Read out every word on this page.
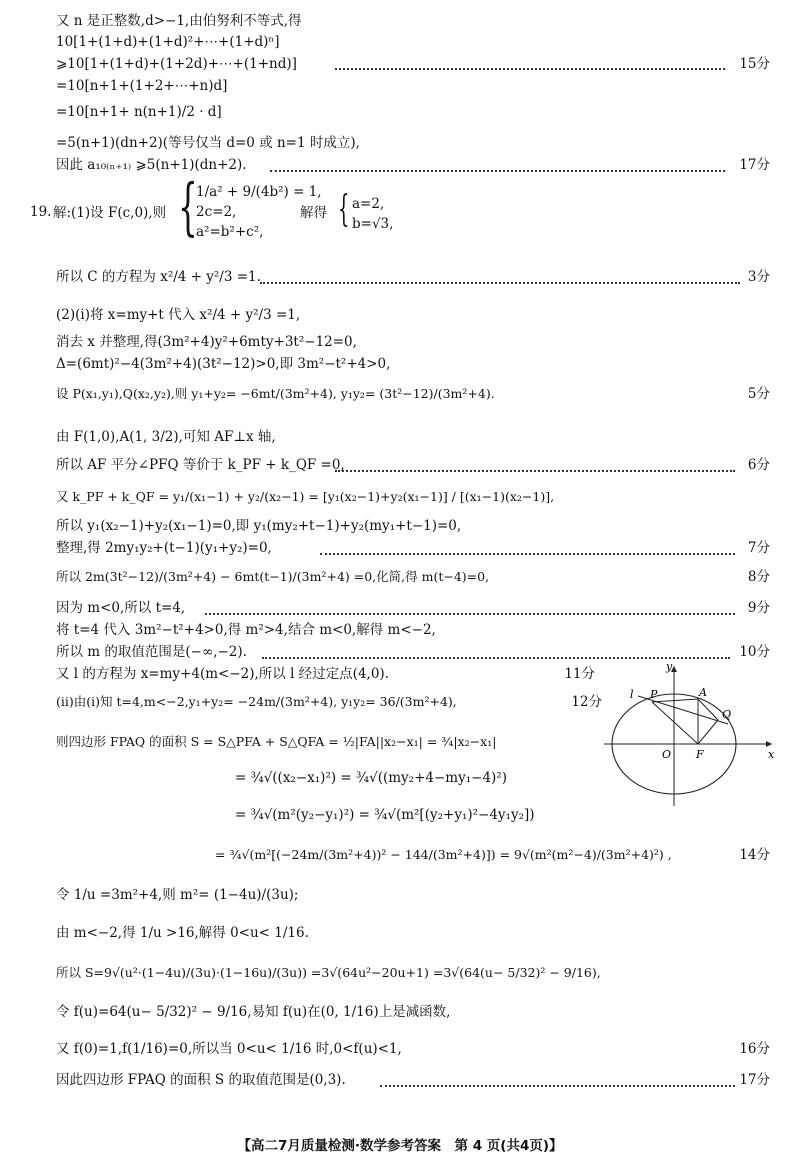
又 n 是正整数,d>−1,由伯努利不等式,得
10[1+(1+d)+(1+d)²+⋯+(1+d)ⁿ]
⩾10[1+(1+d)+(1+2d)+⋯+(1+nd)]	15分
=10[n+1+(1+2+⋯+n)d]
=10[n+1+ n(n+1)/2 · d]
=5(n+1)(dn+2)(等号仅当 d=0 或 n=1 时成立),
因此 a₁₀₍ₙ₊₁₎ ⩾5(n+1)(dn+2).	17分
19. 解:(1)设 F(c,0),则 {
1/a² + 9/(4b²) = 1,
2c=2,
a²=b²+c²,
解得 { a=2,
b=√3,
所以 C 的方程为 x²/4 + y²/3 =1.	3分
(2)(ⅰ)将 x=my+t 代入 x²/4 + y²/3 =1,
消去 x 并整理,得(3m²+4)y²+6mty+3t²−12=0,
Δ=(6mt)²−4(3m²+4)(3t²−12)>0,即 3m²−t²+4>0,
设 P(x₁,y₁),Q(x₂,y₂),则 y₁+y₂= −6mt/(3m²+4), y₁y₂= (3t²−12)/(3m²+4).	5分
由 F(1,0),A(1, 3/2),可知 AF⊥x 轴,
所以 AF 平分∠PFQ 等价于 k_PF + k_QF =0,	6分
又 k_PF + k_QF = y₁/(x₁−1) + y₂/(x₂−1) = [y₁(x₂−1)+y₂(x₁−1)] / [(x₁−1)(x₂−1)],
所以 y₁(x₂−1)+y₂(x₁−1)=0,即 y₁(my₂+t−1)+y₂(my₁+t−1)=0,
整理,得 2my₁y₂+(t−1)(y₁+y₂)=0,	7分
所以 2m(3t²−12)/(3m²+4) − 6mt(t−1)/(3m²+4) =0,化简,得 m(t−4)=0,	8分
因为 m<0,所以 t=4,	9分
将 t=4 代入 3m²−t²+4>0,得 m²>4,结合 m<0,解得 m<−2,
所以 m 的取值范围是(−∞,−2).	10分
又 l 的方程为 x=my+4(m<−2),所以 l 经过定点(4,0).	11分
(ⅱ)由(ⅰ)知 t=4,m<−2,y₁+y₂= −24m/(3m²+4), y₁y₂= 36/(3m²+4),	12分
则四边形 FPAQ 的面积 S = S△PFA + S△QFA = ½|FA||x₂−x₁| = ¾|x₂−x₁|
= ¾√((x₂−x₁)²) = ¾√((my₂+4−my₁−4)²)
= ¾√(m²(y₂−y₁)²) = ¾√(m²[(y₂+y₁)²−4y₁y₂])
= ¾√(m²[(−24m/(3m²+4))² − 144/(3m²+4)]) = 9√(m²(m²−4)/(3m²+4)²) ,	14分
令 1/u =3m²+4,则 m²= (1−4u)/(3u);
由 m<−2,得 1/u >16,解得 0<u< 1/16.
所以 S=9√(u²·(1−4u)/(3u)·(1−16u)/(3u)) =3√(64u²−20u+1) =3√(64(u− 5/32)² − 9/16),
令 f(u)=64(u− 5/32)² − 9/16,易知 f(u)在(0, 1/16)上是减函数,
又 f(0)=1,f(1/16)=0,所以当 0<u< 1/16 时,0<f(u)<1,	16分
因此四边形 FPAQ 的面积 S 的取值范围是(0,3).	17分
y
x
O F
P	A
Q
l
【高二7月质量检测·数学参考答案　第 4 页(共4页)】
